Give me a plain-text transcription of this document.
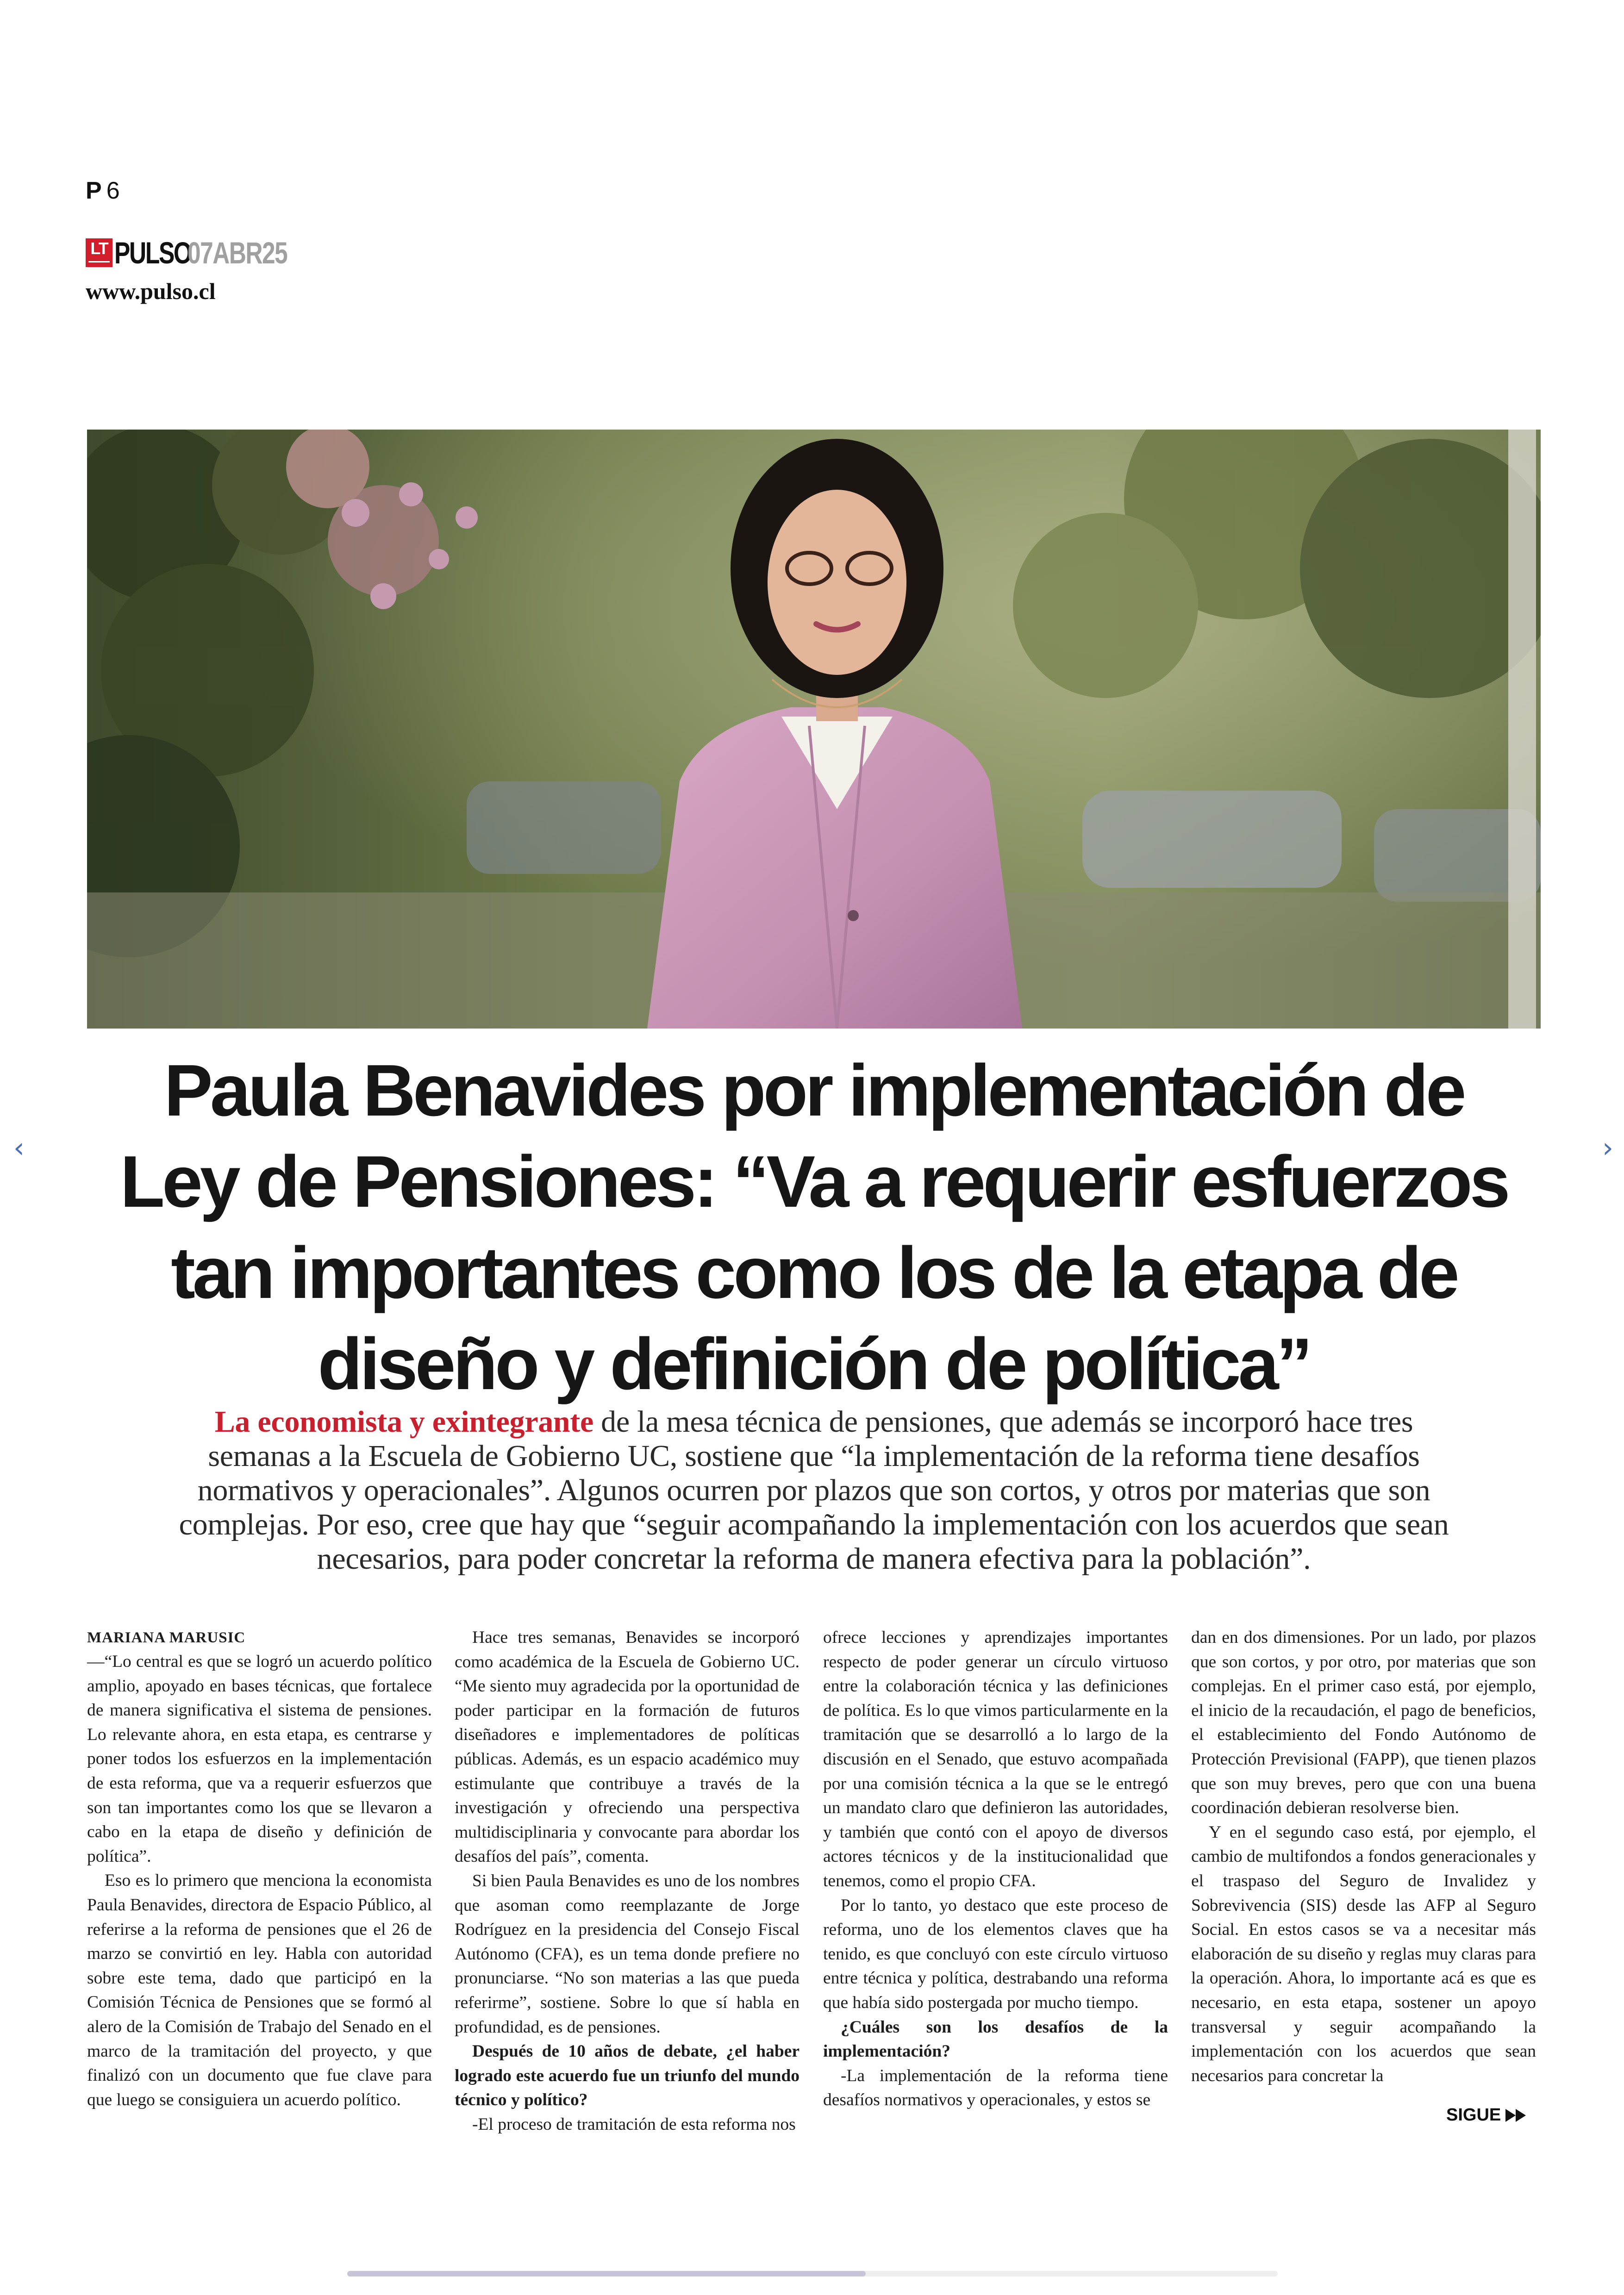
P 6
LT PULSO
07ABR25
www.pulso.cl
‹	›
Paula Benavides por implementación de
Ley de Pensiones: “Va a requerir esfuerzos
tan importantes como los de la etapa de
diseño y definición de política”
La economista y exintegrante de la mesa técnica de pensiones, que además se incorporó hace tres
semanas a la Escuela de Gobierno UC, sostiene que “la implementación de la reforma tiene desafíos
normativos y operacionales”. Algunos ocurren por plazos que son cortos, y otros por materias que son
complejas. Por eso, cree que hay que “seguir acompañando la implementación con los acuerdos que sean
necesarios, para poder concretar la reforma de manera efectiva para la población”.
MARIANA MARUSIC

—“Lo central es que se logró un acuerdo político amplio, apoyado en bases técnicas, que fortalece de manera significativa el sistema de pensiones. Lo relevante ahora, en esta etapa, es centrarse y poner todos los esfuerzos en la implementación de esta reforma, que va a requerir esfuerzos que son tan importantes como los que se llevaron a cabo en la etapa de diseño y definición de política”.

Eso es lo primero que menciona la economista Paula Benavides, directora de Espacio Público, al referirse a la reforma de pensiones que el 26 de marzo se convirtió en ley. Habla con autoridad sobre este tema, dado que participó en la Comisión Técnica de Pensiones que se formó al alero de la Comisión de Trabajo del Senado en el marco de la tramitación del proyecto, y que finalizó con un documento que fue clave para que luego se consiguiera un acuerdo político.

Hace tres semanas, Benavides se incorporó como académica de la Escuela de Gobierno UC. “Me siento muy agradecida por la oportunidad de poder participar en la formación de futuros diseñadores e implementadores de políticas públicas. Además, es un espacio académico muy estimulante que contribuye a través de la investigación y ofreciendo una perspectiva multidisciplinaria y convocante para abordar los desafíos del país”, comenta.

Si bien Paula Benavides es uno de los nombres que asoman como reemplazante de Jorge Rodríguez en la presidencia del Consejo Fiscal Autónomo (CFA), es un tema donde prefiere no pronunciarse. “No son materias a las que pueda referirme”, sostiene. Sobre lo que sí habla en profundidad, es de pensiones.

Después de 10 años de debate, ¿el haber logrado este acuerdo fue un triunfo del mundo técnico y político?

-El proceso de tramitación de esta reforma nos

ofrece lecciones y aprendizajes importantes respecto de poder generar un círculo virtuoso entre la colaboración técnica y las definiciones de política. Es lo que vimos particularmente en la tramitación que se desarrolló a lo largo de la discusión en el Senado, que estuvo acompañada por una comisión técnica a la que se le entregó un mandato claro que definieron las autoridades, y también que contó con el apoyo de diversos actores técnicos y de la institucionalidad que tenemos, como el propio CFA.

Por lo tanto, yo destaco que este proceso de reforma, uno de los elementos claves que ha tenido, es que concluyó con este círculo virtuoso entre técnica y política, destrabando una reforma que había sido postergada por mucho tiempo.

¿Cuáles son los desafíos de la implementación?

-La implementación de la reforma tiene desafíos normativos y operacionales, y estos se

dan en dos dimensiones. Por un lado, por plazos que son cortos, y por otro, por materias que son complejas. En el primer caso está, por ejemplo, el inicio de la recaudación, el pago de beneficios, el establecimiento del Fondo Autónomo de Protección Previsional (FAPP), que tienen plazos que son muy breves, pero que con una buena coordinación debieran resolverse bien.

Y en el segundo caso está, por ejemplo, el cambio de multifondos a fondos generacionales y el traspaso del Seguro de Invalidez y Sobrevivencia (SIS) desde las AFP al Seguro Social. En estos casos se va a necesitar más elaboración de su diseño y reglas muy claras para la operación. Ahora, lo importante acá es que es necesario, en esta etapa, sostener un apoyo transversal y seguir acompañando la implementación con los acuerdos que sean necesarios para concretar la

SIGUE
